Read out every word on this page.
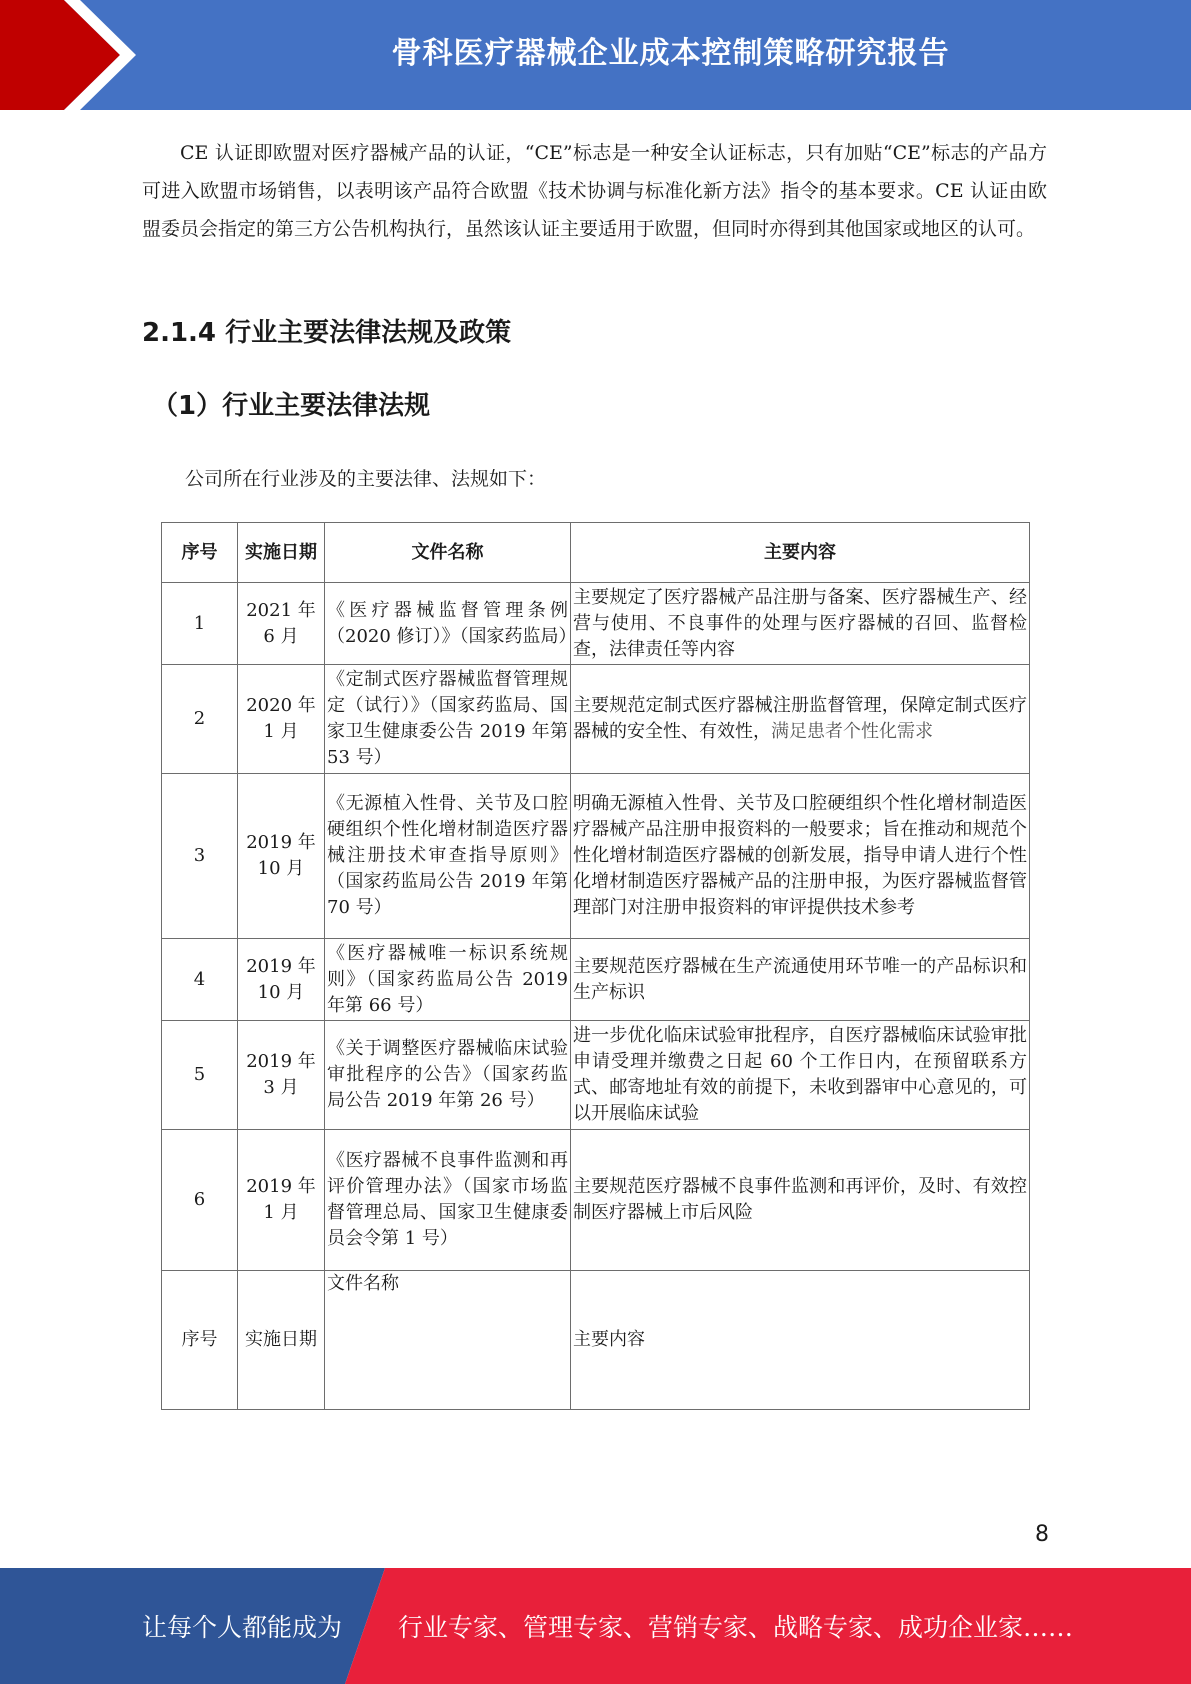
骨科医疗器械企业成本控制策略研究报告
CE 认证即欧盟对医疗器械产品的认证，“CE”标志是一种安全认证标志，只有加贴“CE”标志的产品方可进入欧盟市场销售，以表明该产品符合欧盟《技术协调与标准化新方法》指令的基本要求。CE 认证由欧盟委员会指定的第三方公告机构执行，虽然该认证主要适用于欧盟，但同时亦得到其他国家或地区的认可。
2.1.4 行业主要法律法规及政策
（1）行业主要法律法规
公司所在行业涉及的主要法律、法规如下：
序号	实施日期	文件名称	主要内容
1	2021 年 6 月	《医疗器械监督管理条例（2020 修订）》（国家药监局）	主要规定了医疗器械产品注册与备案、医疗器械生产、经营与使用、不良事件的处理与医疗器械的召回、监督检查，法律责任等内容
2	2020 年 1 月	《定制式医疗器械监督管理规定（试行）》（国家药监局、国家卫生健康委公告 2019 年第 53 号）	主要规范定制式医疗器械注册监督管理，保障定制式医疗器械的安全性、有效性，满足患者个性化需求
3	2019 年 10 月	《无源植入性骨、关节及口腔硬组织个性化增材制造医疗器械注册技术审查指导原则》（国家药监局公告 2019 年第 70 号）	明确无源植入性骨、关节及口腔硬组织个性化增材制造医疗器械产品注册申报资料的一般要求；旨在推动和规范个性化增材制造医疗器械的创新发展，指导申请人进行个性化增材制造医疗器械产品的注册申报，为医疗器械监督管理部门对注册申报资料的审评提供技术参考
4	2019 年 10 月	《医疗器械唯一标识系统规则》（国家药监局公告 2019 年第 66 号）	主要规范医疗器械在生产流通使用环节唯一的产品标识和生产标识
5	2019 年 3 月	《关于调整医疗器械临床试验审批程序的公告》（国家药监局公告 2019 年第 26 号）	进一步优化临床试验审批程序，自医疗器械临床试验审批申请受理并缴费之日起 60 个工作日内，在预留联系方式、邮寄地址有效的前提下，未收到器审中心意见的，可以开展临床试验
6	2019 年 1 月	《医疗器械不良事件监测和再评价管理办法》（国家市场监督管理总局、国家卫生健康委员会令第 1 号）	主要规范医疗器械不良事件监测和再评价，及时、有效控制医疗器械上市后风险
序号	实施日期	文件名称	主要内容
8
让每个人都能成为 行业专家、管理专家、营销专家、战略专家、成功企业家……
